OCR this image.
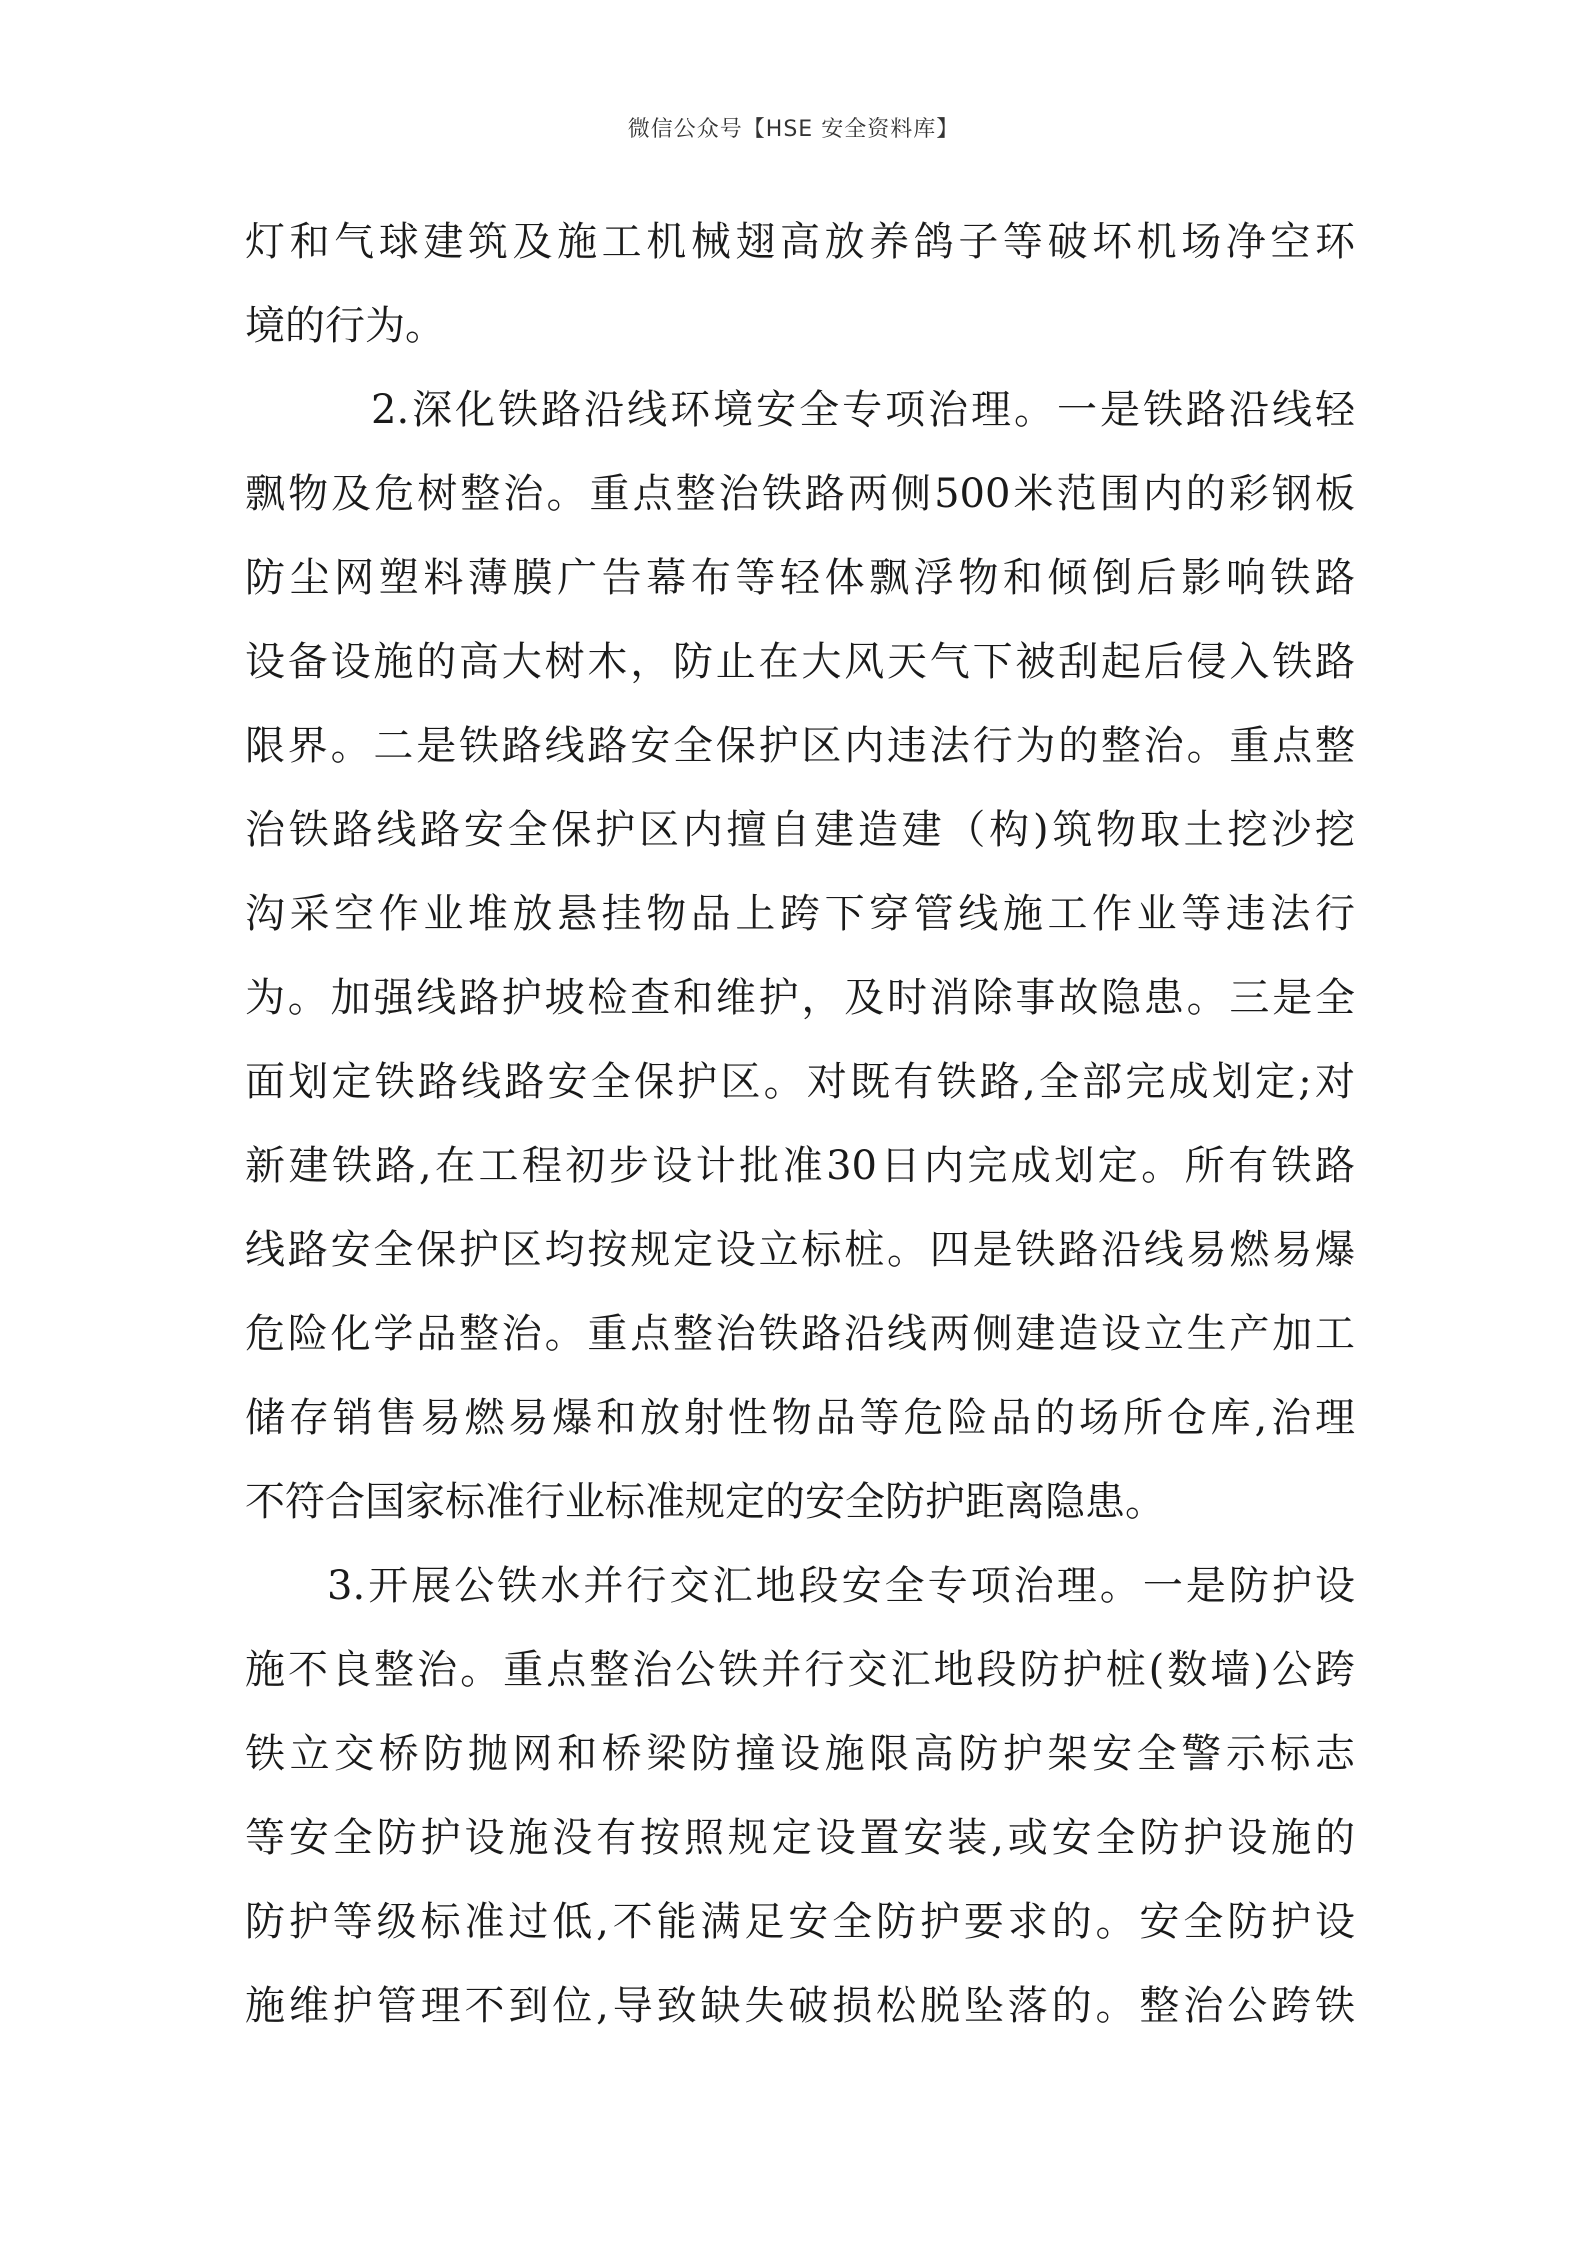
微信公众号【HSE 安全资料库】
灯和气球建筑及施工机械翅高放养鸽子等破坏机场净空环
境的行为。
2.深化铁路沿线环境安全专项治理。一是铁路沿线轻
飘物及危树整治。重点整治铁路两侧500米范围内的彩钢板
防尘网塑料薄膜广告幕布等轻体飘浮物和倾倒后影响铁路
设备设施的高大树木，防止在大风天气下被刮起后侵入铁路
限界。二是铁路线路安全保护区内违法行为的整治。重点整
治铁路线路安全保护区内擅自建造建（构)筑物取土挖沙挖
沟采空作业堆放悬挂物品上跨下穿管线施工作业等违法行
为。加强线路护坡检查和维护，及时消除事故隐患。三是全
面划定铁路线路安全保护区。对既有铁路,全部完成划定;对
新建铁路,在工程初步设计批准30日内完成划定。所有铁路
线路安全保护区均按规定设立标桩。四是铁路沿线易燃易爆
危险化学品整治。重点整治铁路沿线两侧建造设立生产加工
储存销售易燃易爆和放射性物品等危险品的场所仓库,治理
不符合国家标准行业标准规定的安全防护距离隐患。
3.开展公铁水并行交汇地段安全专项治理。一是防护设
施不良整治。重点整治公铁并行交汇地段防护桩(数墙)公跨
铁立交桥防抛网和桥梁防撞设施限高防护架安全警示标志
等安全防护设施没有按照规定设置安装,或安全防护设施的
防护等级标准过低,不能满足安全防护要求的。安全防护设
施维护管理不到位,导致缺失破损松脱坠落的。整治公跨铁
